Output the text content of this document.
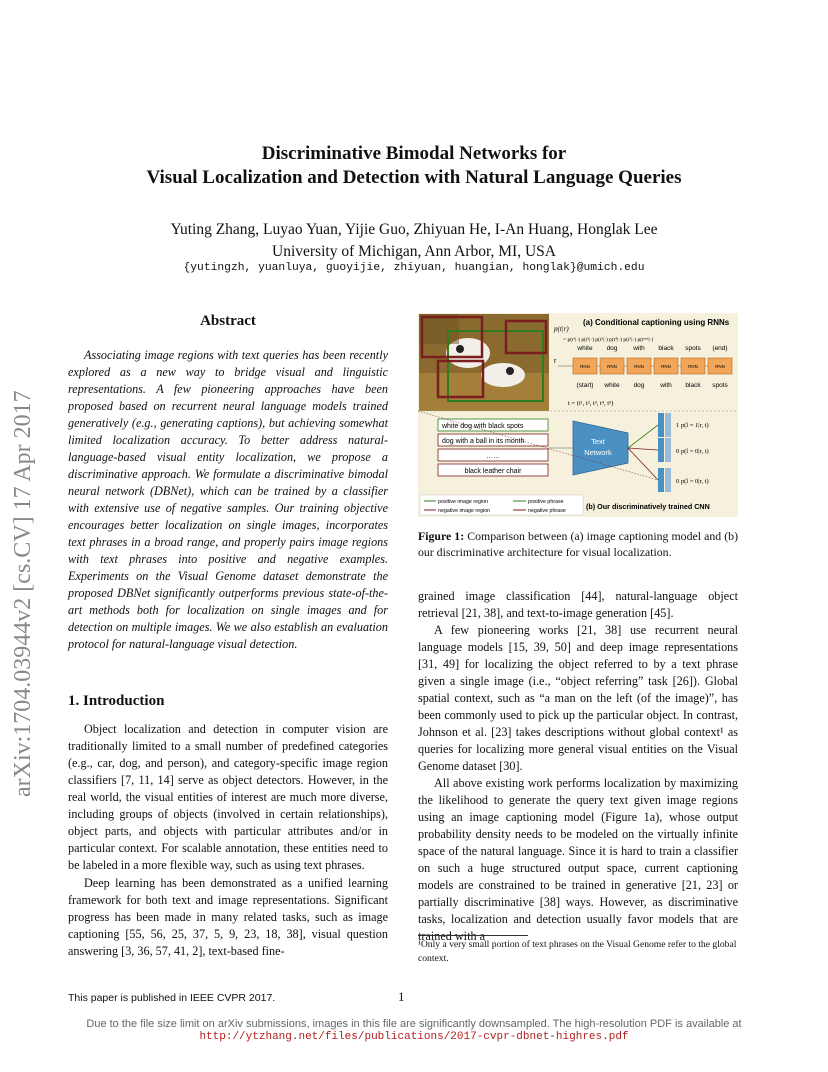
Discriminative Bimodal Networks for
Visual Localization and Detection with Natural Language Queries
Yuting Zhang, Luyao Yuan, Yijie Guo, Zhiyuan He, I-An Huang, Honglak Lee
University of Michigan, Ann Arbor, MI, USA
{yutingzh, yuanluya, guoyijie, zhiyuan, huangian, honglak}@umich.edu
arXiv:1704.03944v2 [cs.CV] 17 Apr 2017
Abstract

Associating image regions with text queries has been recently explored as a new way to bridge visual and linguistic representations. A few pioneering approaches have been proposed based on recurrent neural language models trained generatively (e.g., generating captions), but achieving somewhat limited localization accuracy. To better address natural-language-based visual entity localization, we propose a discriminative approach. We formulate a discriminative bimodal neural network (DBNet), which can be trained by a classifier with extensive use of negative samples. Our training objective encourages better localization on single images, incorporates text phrases in a broad range, and properly pairs image regions with text phrases into positive and negative examples. Experiments on the Visual Genome dataset demonstrate the proposed DBNet significantly outperforms previous state-of-the-art methods both for localization on single images and for detection on multiple images. We we also establish an evaluation protocol for natural-language visual detection.

1. Introduction

Object localization and detection in computer vision are traditionally limited to a small number of predefined categories (e.g., car, dog, and person), and category-specific image region classifiers [7, 11, 14] serve as object detectors. However, in the real world, the visual entities of interest are much more diverse, including groups of objects (involved in certain relationships), object parts, and objects with particular attributes and/or in particular context. For scalable annotation, these entities need to be labeled in a more flexible way, such as using text phrases.

Deep learning has been demonstrated as a unified learning framework for both text and image representations. Significant progress has been made in many related tasks, such as image captioning [55, 56, 25, 37, 5, 9, 23, 18, 38], visual question answering [3, 36, 57, 41, 2], text-based fine-

r
(a) Conditional captioning using RNNs
p(t|r)
= p(t¹|·) p(t²|·) p(t³|·) p(t⁴|·) p(t⁵|·) p(tᵉⁿᵈ|·)
white dog with black spots (end)
RNN	RNN	RNN	RNN	RNN	RNN
(start) white dog with black spots
t = (t¹, t², t³, t⁴, t⁵)
white dog with black spots
dog with a ball in its month
……
black leather chair
Text
Network
1 p(l = 1|r, t)
0 p(l = 0|r, t)
0 p(l = 0|r, t)
positive image region
negative image region
positive phrase
negative phrase	(b) Our discriminatively trained CNN
Figure 1: Comparison between (a) image captioning model and (b) our discriminative architecture for visual localization.

grained image classification [44], natural-language object retrieval [21, 38], and text-to-image generation [45].

A few pioneering works [21, 38] use recurrent neural language models [15, 39, 50] and deep image representations [31, 49] for localizing the object referred to by a text phrase given a single image (i.e., “object referring” task [26]). Global spatial context, such as “a man on the left (of the image)”, has been commonly used to pick up the particular object. In contrast, Johnson et al. [23] takes descriptions without global context¹ as queries for localizing more general visual entities on the Visual Genome dataset [30].

All above existing work performs localization by maximizing the likelihood to generate the query text given image regions using an image captioning model (Figure 1a), whose output probability density needs to be modeled on the virtually infinite space of the natural language. Since it is hard to train a classifier on such a huge structured output space, current captioning models are constrained to be trained in generative [21, 23] or partially discriminative [38] ways. However, as discriminative tasks, localization and detection usually favor models that are trained with a

¹Only a very small portion of text phrases on the Visual Genome refer to the global context.
This paper is published in IEEE CVPR 2017.	1
Due to the file size limit on arXiv submissions, images in this file are significantly downsampled. The high-resolution PDF is available at
http://ytzhang.net/files/publications/2017-cvpr-dbnet-highres.pdf
